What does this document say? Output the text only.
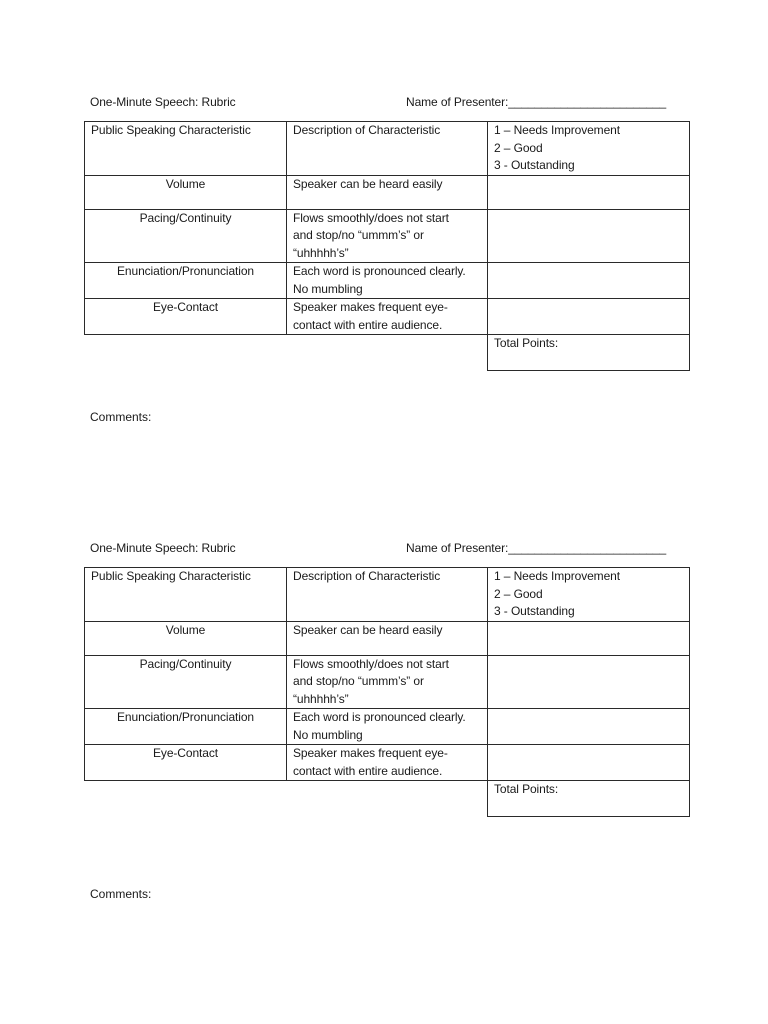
One-Minute Speech: Rubric	Name of Presenter:________________________
Public Speaking Characteristic	Description of Characteristic	1 – Needs Improvement
2 – Good
3 - Outstanding

Volume	Speaker can be heard easily	

Pacing/Continuity	Flows smoothly/does not start
and stop/no “ummm’s” or
“uhhhhh’s”	

Enunciation/Pronunciation	Each word is pronounced clearly.
No mumbling	

Eye-Contact	Speaker makes frequent eye-
contact with entire audience.	

		Total Points:
Comments:
One-Minute Speech: Rubric	Name of Presenter:________________________
Public Speaking Characteristic	Description of Characteristic	1 – Needs Improvement
2 – Good
3 - Outstanding

Volume	Speaker can be heard easily	

Pacing/Continuity	Flows smoothly/does not start
and stop/no “ummm’s” or
“uhhhhh’s”	

Enunciation/Pronunciation	Each word is pronounced clearly.
No mumbling	

Eye-Contact	Speaker makes frequent eye-
contact with entire audience.	

		Total Points:
Comments:
